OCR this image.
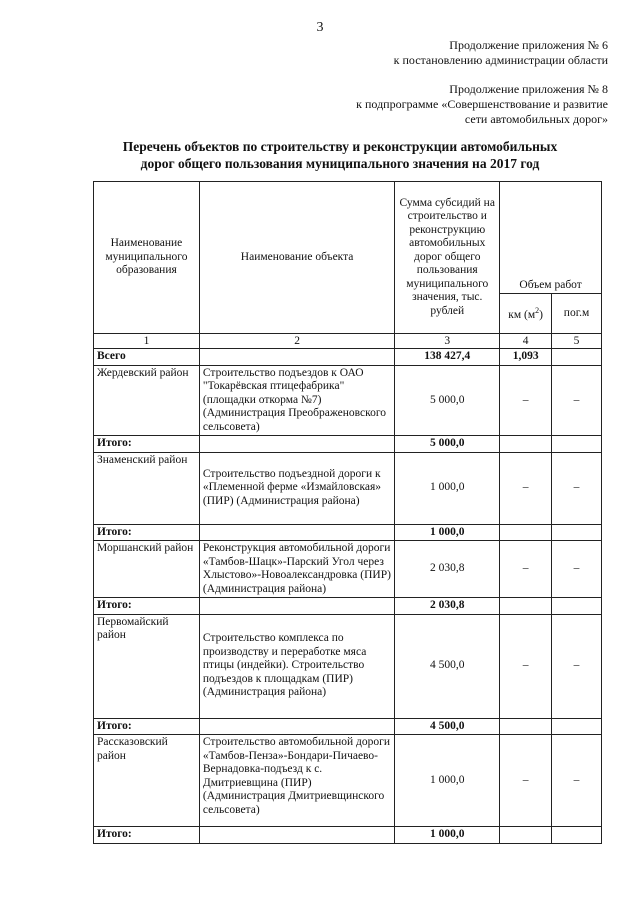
3
Продолжение приложения № 6
к постановлению администрации области
Продолжение приложения № 8
к подпрограмме «Совершенствование и развитие
сети автомобильных дорог»
Перечень объектов по строительству и реконструкции автомобильных
дорог общего пользования муниципального значения на 2017 год
Наименование муниципального образования	Наименование объекта	Сумма субсидий на строительство и реконструкцию автомобильных дорог общего пользования муниципального значения, тыс. рублей	Объем работ	
			км $(м^2)$	пог.м
1	2	3	4	5
Всего		138 427,4	1,093	
Жердевский район	Строительство подъездов к ОАО "Токарёвская птицефабрика" (площадки откорма №7) (Администрация Преображеновского сельсовета)	5 000,0	–	–
Итого:		5 000,0		
Знаменский район	Строительство подъездной дороги к «Племенной ферме «Измайловская» (ПИР) (Администрация района)	1 000,0	–	–
Итого:		1 000,0		
Моршанский район	Реконструкция автомобильной дороги «Тамбов-Шацк»-Парский Угол через Хлыстово»-Новоалександровка (ПИР) (Администрация района)	2 030,8	–	–
Итого:		2 030,8		
Первомайский район	Строительство комплекса по производству и переработке мяса птицы (индейки). Строительство подъездов к площадкам (ПИР) (Администрация района)	4 500,0	–	–
Итого:		4 500,0		
Рассказовский район	Строительство автомобильной дороги «Тамбов-Пенза»-Бондари-Пичаево-Вернадовка-подъезд к с. Дмитриевщина (ПИР) (Администрация Дмитриевщинского сельсовета)	1 000,0	–	–
Итого:		1 000,0		
